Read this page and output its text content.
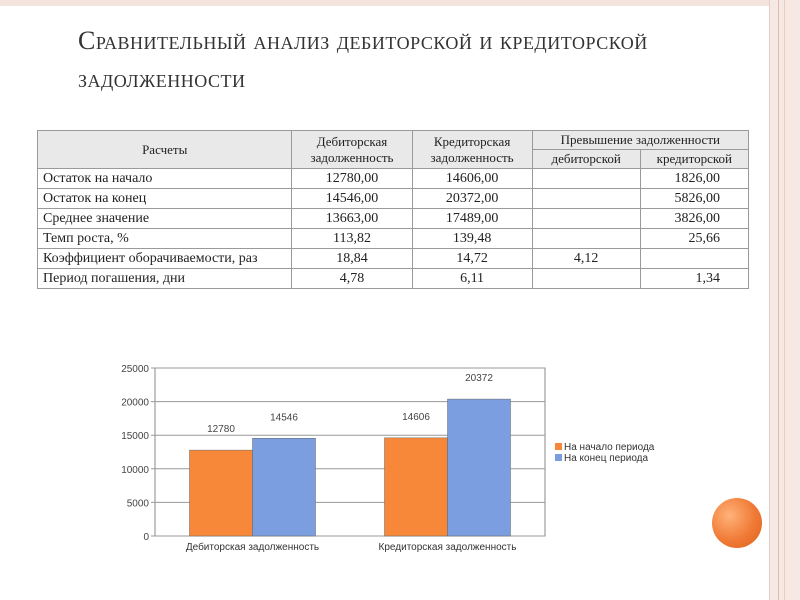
Сравнительный анализ дебиторской и кредиторской задолженности
Расчеты	Дебиторская задолженность	Кредиторская задолженность	Превышение задолженности	
			дебиторской	кредиторской
Остаток на начало	12780,00	14606,00		1826,00
Остаток на конец	14546,00	20372,00		5826,00
Среднее значение	13663,00	17489,00		3826,00
Темп роста, %	113,82	139,48		25,66
Коэффициент оборачиваемости, раз	18,84	14,72	4,12	
Период погашения, дни	4,78	6,11		1,34
0
5000
10000
15000
20000
25000
12780
14546
Дебиторская задолженность
14606
20372
Кредиторская задолженность
На начало периода
На конец периода
